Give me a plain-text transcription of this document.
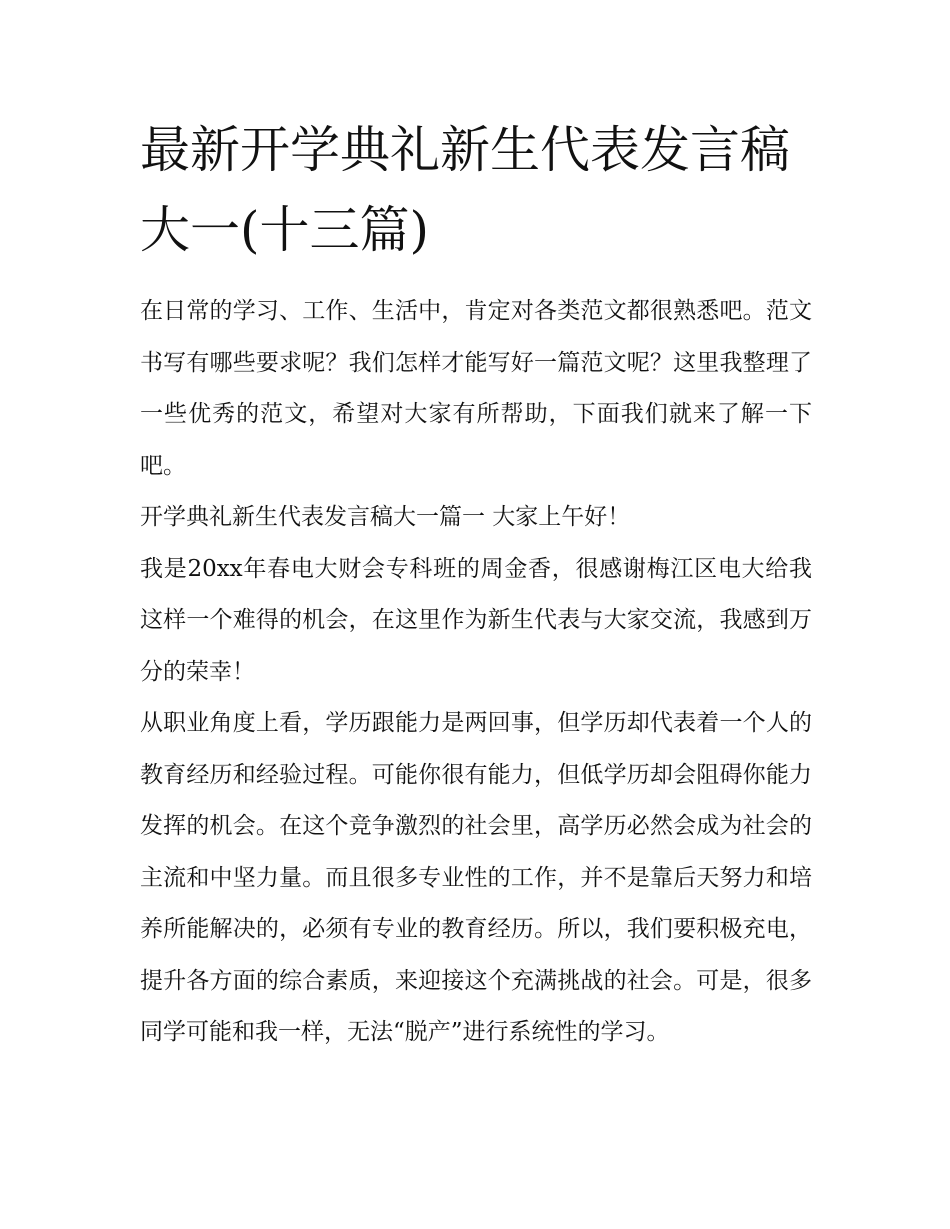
最新开学典礼新生代表发言稿大一(十三篇)

在日常的学习、工作、生活中，肯定对各类范文都很熟悉吧。范文书写有哪些要求呢？我们怎样才能写好一篇范文呢？这里我整理了一些优秀的范文，希望对大家有所帮助，下面我们就来了解一下吧。

开学典礼新生代表发言稿大一篇一 大家上午好！

我是20xx年春电大财会专科班的周金香，很感谢梅江区电大给我这样一个难得的机会，在这里作为新生代表与大家交流，我感到万分的荣幸！

从职业角度上看，学历跟能力是两回事，但学历却代表着一个人的教育经历和经验过程。可能你很有能力，但低学历却会阻碍你能力发挥的机会。在这个竞争激烈的社会里，高学历必然会成为社会的主流和中坚力量。而且很多专业性的工作，并不是靠后天努力和培养所能解决的，必须有专业的教育经历。所以，我们要积极充电，提升各方面的综合素质，来迎接这个充满挑战的社会。可是，很多同学可能和我一样，无法“脱产”进行系统性的学习。
